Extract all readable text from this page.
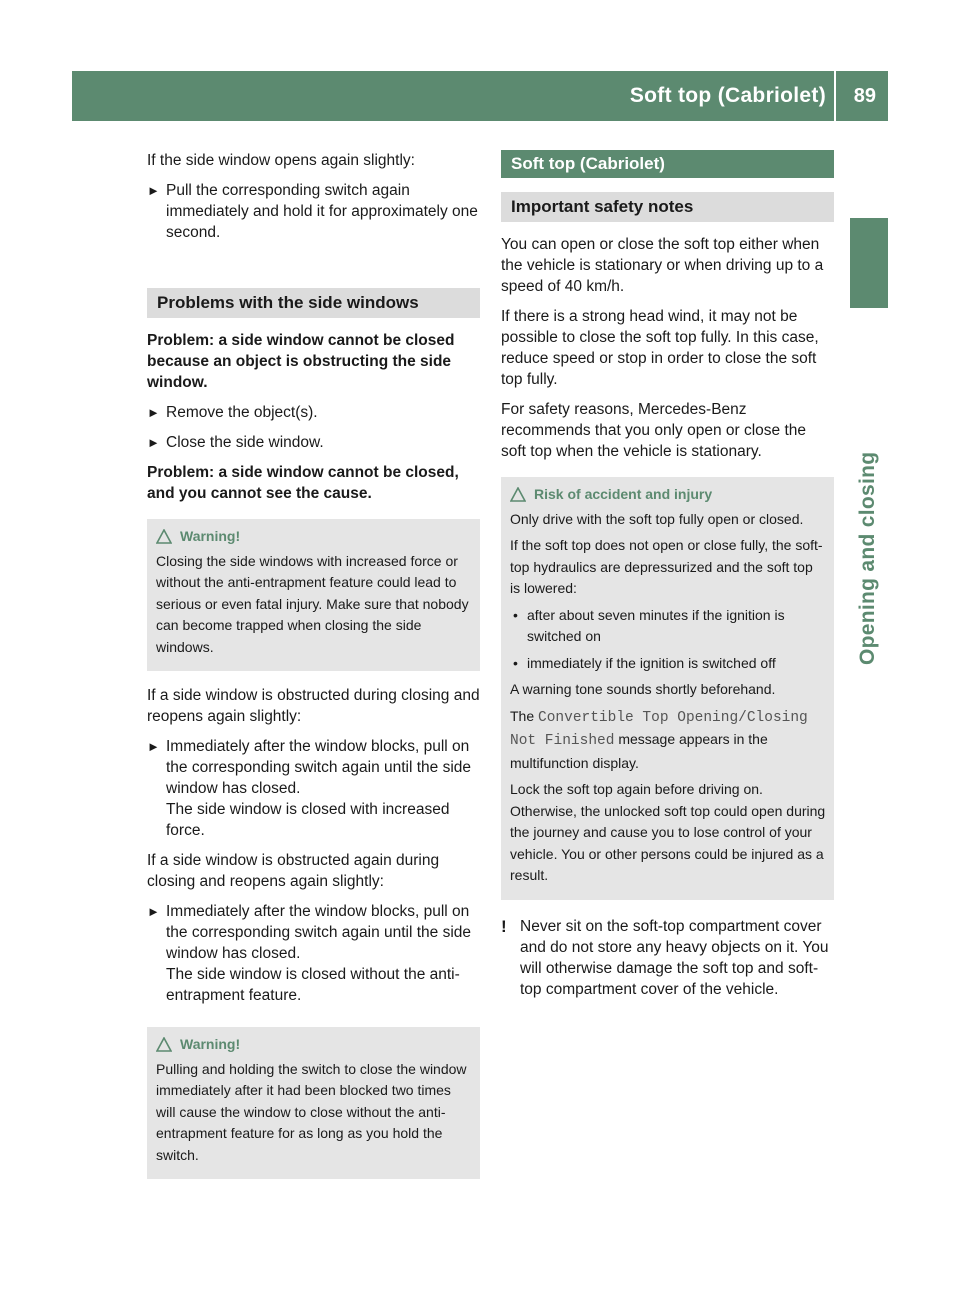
Soft top (Cabriolet) 89
Opening and closing

If the side window opens again slightly:

► Pull the corresponding switch again immediately and hold it for approximately one second.
Problems with the side windows

Problem: a side window cannot be closed because an object is obstructing the side window.

► Remove the object(s).
► Close the side window.

Problem: a side window cannot be closed, and you cannot see the cause.

Warning!

Closing the side windows with increased force or without the anti-entrapment feature could lead to serious or even fatal injury. Make sure that nobody can become trapped when closing the side windows.

If a side window is obstructed during closing and reopens again slightly:

► Immediately after the window blocks, pull on the corresponding switch again until the side window has closed.
The side window is closed with increased force.

If a side window is obstructed again during closing and reopens again slightly:

► Immediately after the window blocks, pull on the corresponding switch again until the side window has closed.
The side window is closed without the anti-entrapment feature.
Warning!

Pulling and holding the switch to close the window immediately after it had been blocked two times will cause the window to close without the anti-entrapment feature for as long as you hold the switch.

Soft top (Cabriolet)
Important safety notes

You can open or close the soft top either when the vehicle is stationary or when driving up to a speed of 40 km/h.

If there is a strong head wind, it may not be possible to close the soft top fully. In this case, reduce speed or stop in order to close the soft top fully.

For safety reasons, Mercedes-Benz recommends that you only open or close the soft top when the vehicle is stationary.

Risk of accident and injury

Only drive with the soft top fully open or closed.

If the soft top does not open or close fully, the soft-top hydraulics are depressurized and the soft top is lowered:

• after about seven minutes if the ignition is switched on
• immediately if the ignition is switched off

A warning tone sounds shortly beforehand.

The Convertible Top Opening/Closing Not Finished message appears in the multifunction display.

Lock the soft top again before driving on. Otherwise, the unlocked soft top could open during the journey and cause you to lose control of your vehicle. You or other persons could be injured as a result.

! Never sit on the soft-top compartment cover and do not store any heavy objects on it. You will otherwise damage the soft top and soft-top compartment cover of the vehicle.
